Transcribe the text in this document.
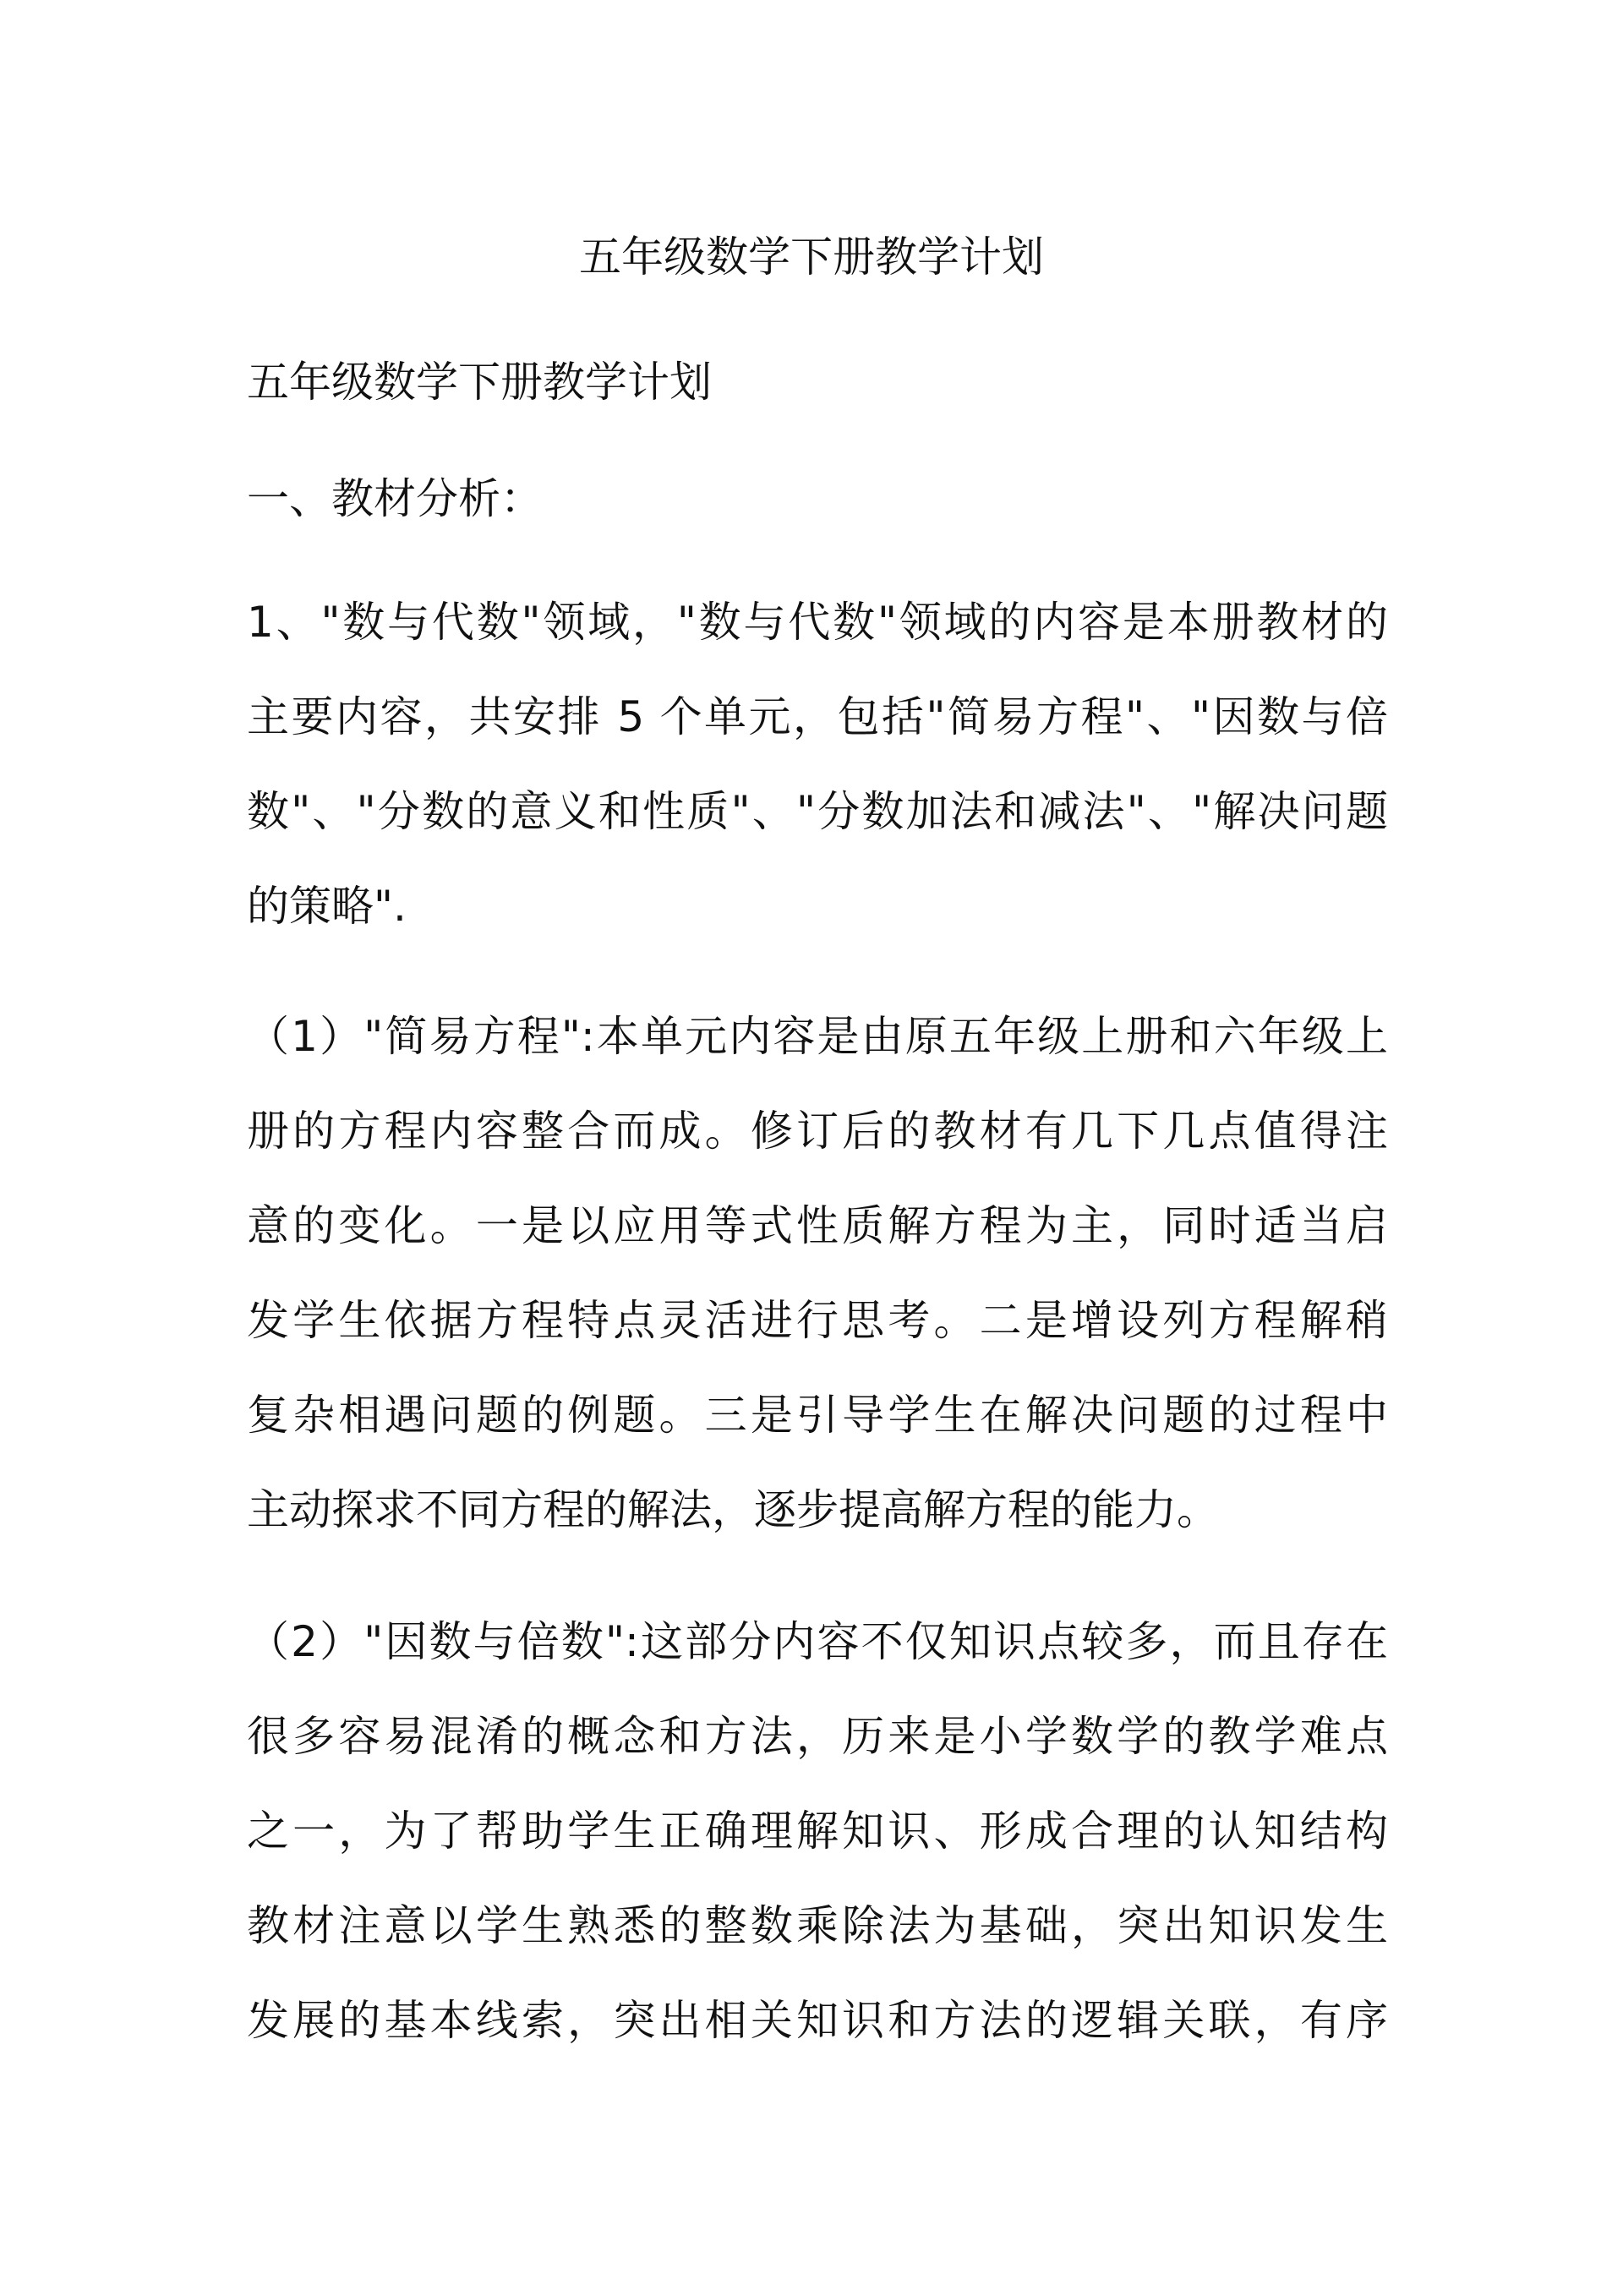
五年级数学下册教学计划

五年级数学下册教学计划

一、教材分析：

1、"数与代数"领域，"数与代数"领域的内容是本册教材的

主要内容，共安排 5 个单元，包括"简易方程"、"因数与倍

数"、"分数的意义和性质"、"分数加法和减法"、"解决问题

的策略".

（1）"简易方程":本单元内容是由原五年级上册和六年级上

册的方程内容整合而成。修订后的教材有几下几点值得注

意的变化。一是以应用等式性质解方程为主，同时适当启

发学生依据方程特点灵活进行思考。二是增设列方程解稍

复杂相遇问题的例题。三是引导学生在解决问题的过程中

主动探求不同方程的解法，逐步提高解方程的能力。

（2）"因数与倍数":这部分内容不仅知识点较多，而且存在

很多容易混淆的概念和方法，历来是小学数学的教学难点

之一，为了帮助学生正确理解知识、形成合理的认知结构

教材注意以学生熟悉的整数乘除法为基础，突出知识发生

发展的基本线索，突出相关知识和方法的逻辑关联，有序
